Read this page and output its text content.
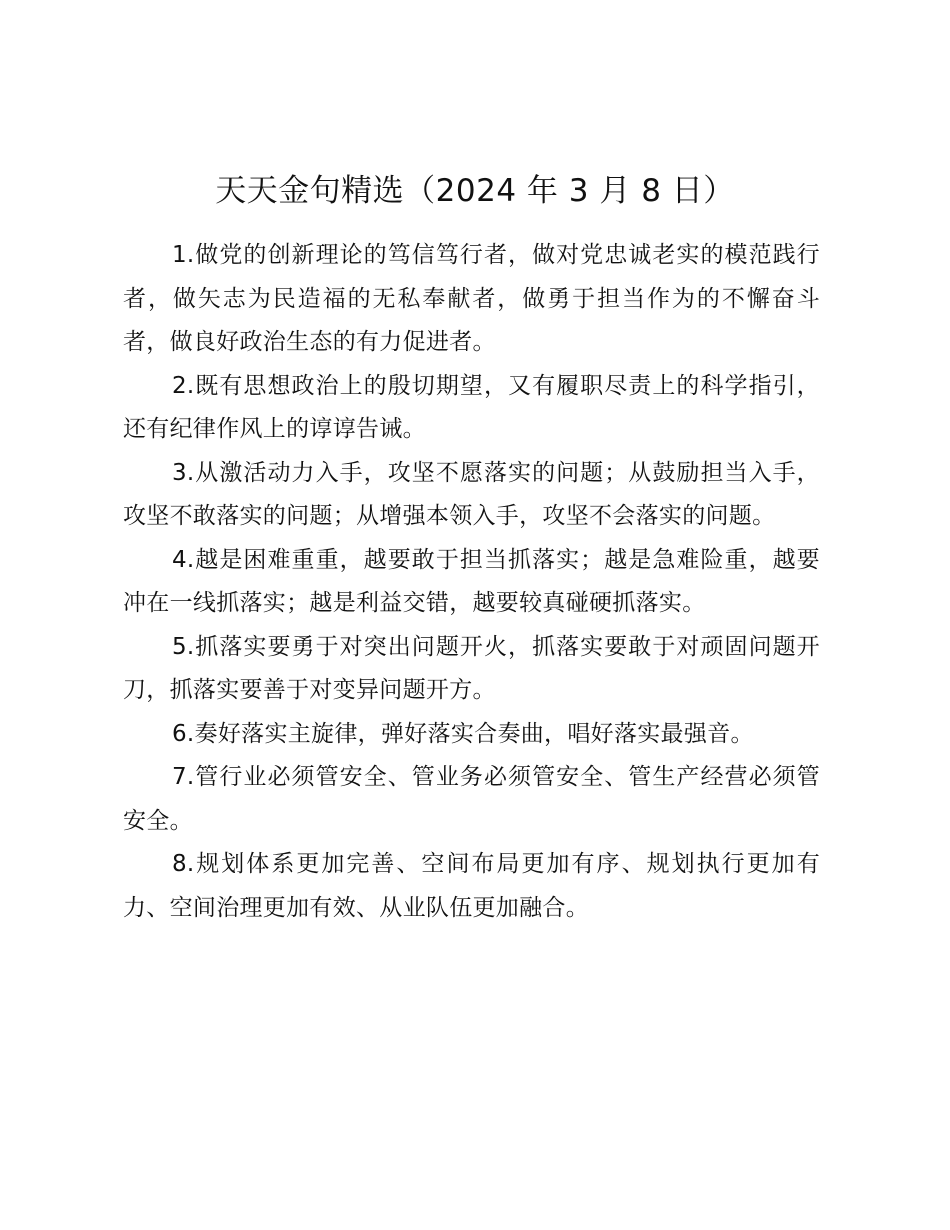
天天金句精选（2024 年 3 月 8 日）

1.做党的创新理论的笃信笃行者，做对党忠诚老实的模范践行者，做矢志为民造福的无私奉献者，做勇于担当作为的不懈奋斗者，做良好政治生态的有力促进者。

2.既有思想政治上的殷切期望，又有履职尽责上的科学指引，还有纪律作风上的谆谆告诫。

3.从激活动力入手，攻坚不愿落实的问题；从鼓励担当入手，攻坚不敢落实的问题；从增强本领入手，攻坚不会落实的问题。

4.越是困难重重，越要敢于担当抓落实；越是急难险重，越要冲在一线抓落实；越是利益交错，越要较真碰硬抓落实。

5.抓落实要勇于对突出问题开火，抓落实要敢于对顽固问题开刀，抓落实要善于对变异问题开方。

6.奏好落实主旋律，弹好落实合奏曲，唱好落实最强音。

7.管行业必须管安全、管业务必须管安全、管生产经营必须管安全。

8.规划体系更加完善、空间布局更加有序、规划执行更加有力、空间治理更加有效、从业队伍更加融合。
